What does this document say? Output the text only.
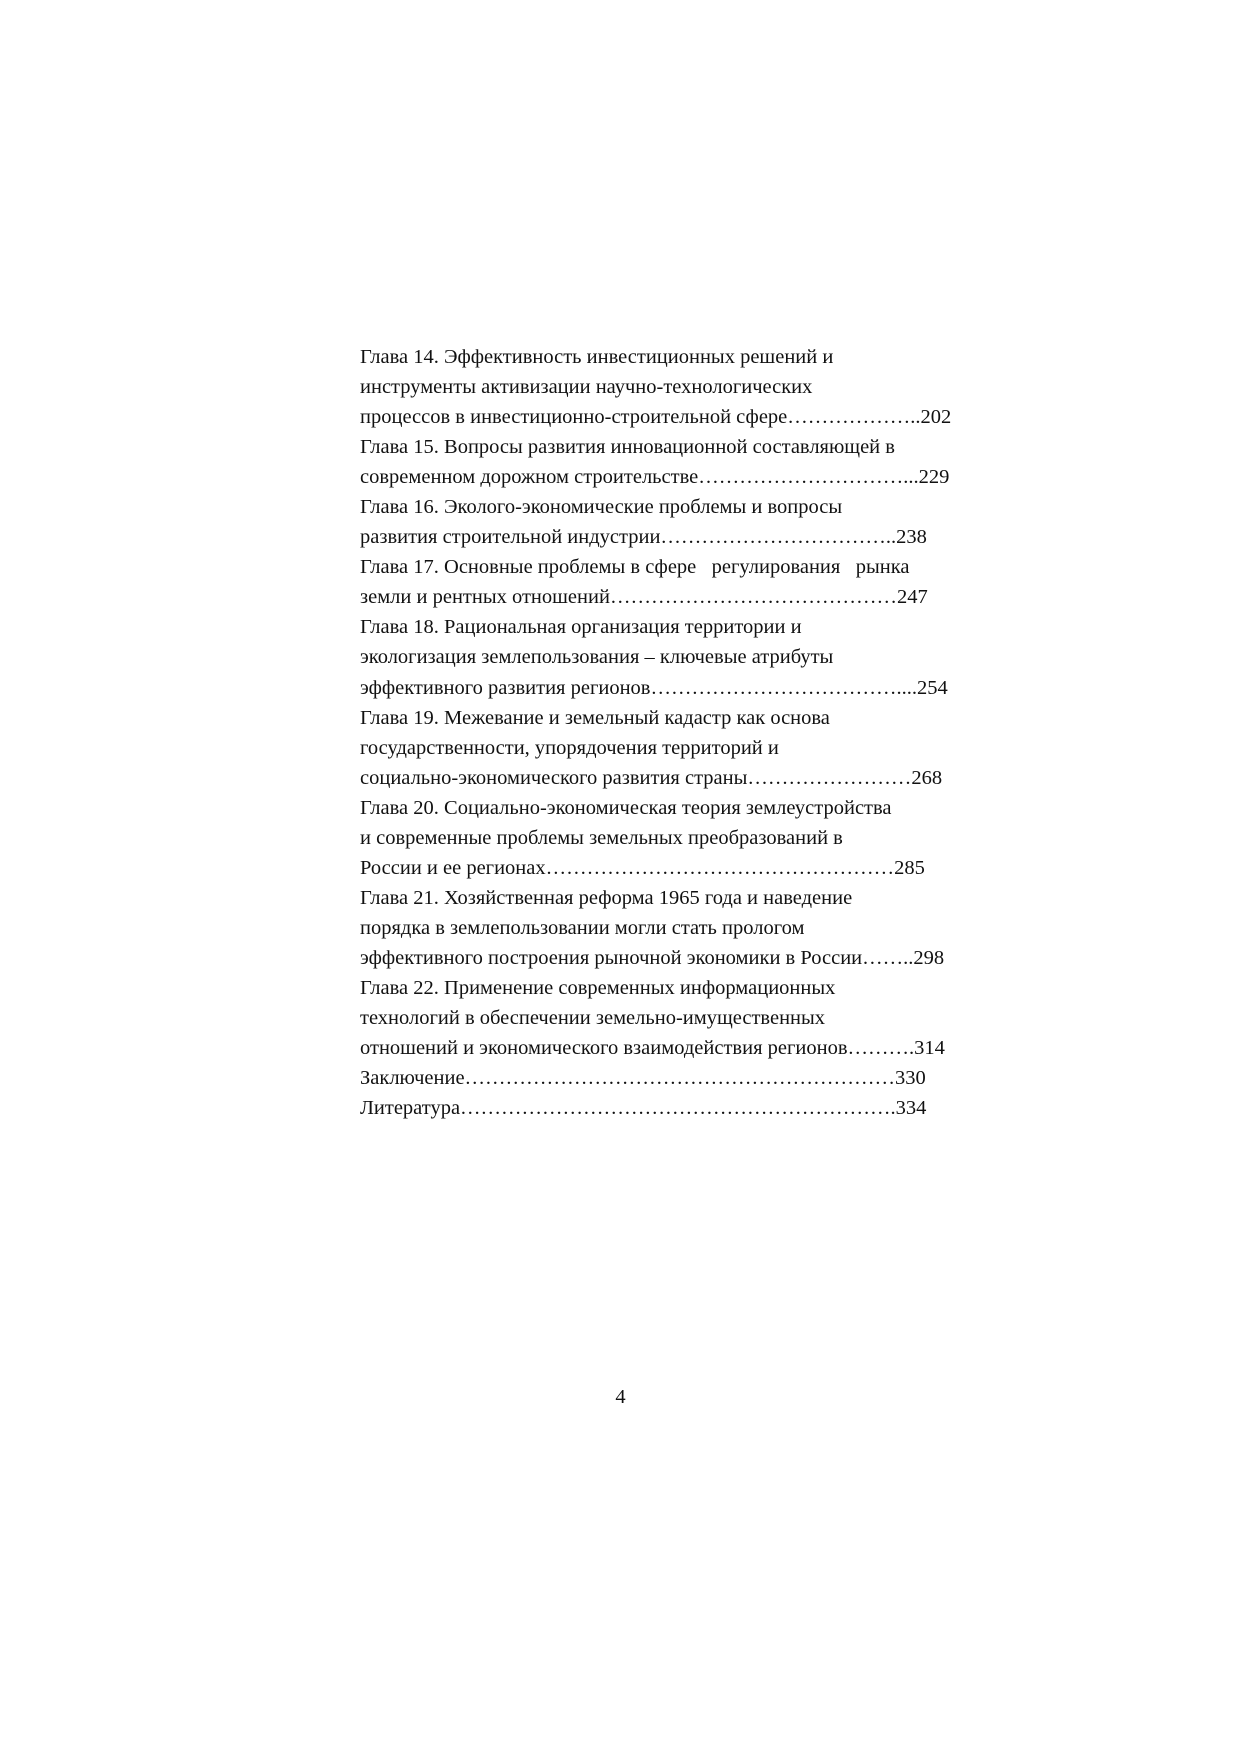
Глава 14. Эффективность инвестиционных решений и
инструменты активизации научно-технологических
процессов в инвестиционно-строительной сфере………………..202
Глава 15. Вопросы развития инновационной составляющей в
современном дорожном строительстве…………………………...229
Глава 16. Эколого-экономические проблемы и вопросы
развития строительной индустрии……………………………..238
Глава 17. Основные проблемы в сфере   регулирования   рынка
земли и рентных отношений……………………………………247
Глава 18. Рациональная организация территории и
экологизация землепользования – ключевые атрибуты
эффективного развития регионов………………………………....254
Глава 19. Межевание и земельный кадастр как основа
государственности, упорядочения территорий и
социально-экономического развития страны……………………268
Глава 20. Социально-экономическая теория землеустройства
и современные проблемы земельных преобразований в
России и ее регионах……………………………………………285
Глава 21. Хозяйственная реформа 1965 года и наведение
порядка в землепользовании могли стать прологом
эффективного построения рыночной экономики в России……..298
Глава 22. Применение современных информационных
технологий в обеспечении земельно-имущественных
отношений и экономического взаимодействия регионов……….314
Заключение………………………………………………………330
Литература……………………………………………………….334
4
